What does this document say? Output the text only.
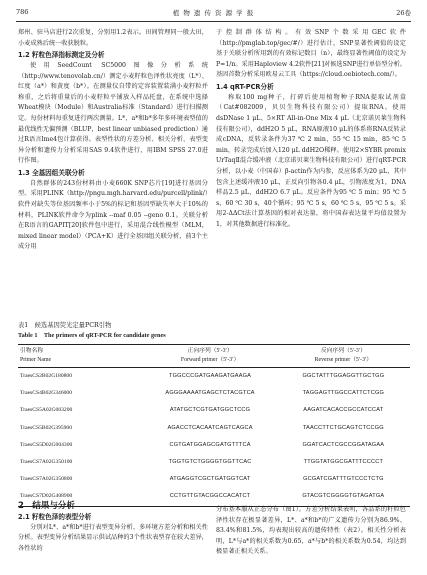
786	植 物 遗 传 资 源 学 报	26卷

郑州、驻马店进行2次重复，分别用1.2表示。田间管理同一般大田，小麦成熟后统一收获脱粒。

1.2 籽粒色泽指标测定及分析

使用SeedCount SC5000图像分析系统（http://www.tenovolab.cn/）测定小麦籽粒色泽性状亮度（L*）、红度（a*）和黄度（b*）。在测量仪自带的定容装置装满小麦籽粒并称重，之后将重量后的小麦籽粒平铺放入样品托盘，在系统中选择Wheat模块（Module）和Australia标准（Standard）进行扫描测定。每份材料每重复进行两次测量。L*、a*和b*多年多环境表型值的最优线性无偏预测（BLUP，best linear unbiased prediction）通过R语言lme4包计算获得。表型性状的方差分析、相关分析、表型变异分析和遗传力分析采用SAS 9.4软件进行，用IBM SPSS 27.0进行作图。

1.3 全基因组关联分析

自然群体的243份材料由小麦660K SNP芯片[19]进行基因分型。采用PLINK（http://pngu.mgh.harvard.edu/purcell/plink/）软件对缺失等位基因频率小于5%的标记和基因型缺失率大于10%的材料，PLINK软件命令为plink --maf 0.05 --geno 0.1。关联分析在R语言的GAPIT[20]软件包中进行，采用混合线性模型（MLM，mixed linear model）（PCA+K）进行全基因组关联分析，前3个主成分用

于控制群体结构。有效SNP个数采用GEC软件（http://pmglab.top/gec/#/）进行估计，SNP显著性阈值的设定基于关联分析所用到的有效标记数目（n），最终显著性阈值的设定为P=1/n。采用Haploview 4.2软件[21]对候选SNP进行单倍型分析。基因首数分析采用欧易云工具（https://cloud.oebiotech.com/）。

1.4 qRT-PCR分析

称取100 mg种子，打碎后使用植物种子RNA提取试剂盒（Cat#082009，贝贝生物科技有限公司）提取RNA。使用dsDNase 1 μL、5×RT All-in-One Mix 4 μL（北京诺贝莱生物科技有限公司），ddH2O 5 μL，RNA原液10 μL的体系将RNA反转录成cDNA，反转录条件为37 ℃ 2 min，55 ℃ 15 min，85 ℃ 5 min，转录完成后加入120 μL ddH2O稀释。使用2×SYBR premix UrTaqⅡ混合缓冲液（北京诺贝莱生物科技有限公司）进行qRT-PCR分析，以小麦（中国春）β-actin作为内参，反应体系为20 μL，其中包含上述缓冲液10 μL，正反向引物各0.4 μL，引物浓度为1，DNA样品2.5 μL，ddH2O 6.7 μL。反应条件为95 ℃ 5 min；95 ℃ 5 s，60 ℃ 30 s，40个循环；95 ℃ 5 s，60 ℃ 5 s，95 ℃ 5 s。采用2-ΔΔCt法计算基因的相对表达量，将中国春表达量平均值设置为1，对其他数据进行标准化。

表1　候选基因荧光定量PCR引物
Table 1　The primers of qRT-PCR for candidate genes
引物名称	正向序列（5′-3′）	反向序列（5′-3′）
Primer Name	Forward primer（5′-3′）	Reverse primer（5′-3′）
TraesCS2B02G180800	TGGCCCGATGAAGATGAAGA	GGCTATTTGGAGGTTGCTGG
TraesCS4B02G346000	AGGGAAAATGAGCTCTACGTCA	TAGGAGTTGGCCATTCTCGG
TraesCS5A02G003200	ATATGCTCGTGATGGCTCCG	AAGATCACACCGCCATCCAT
TraesCS5B02G395900	AGACCTCACAATCAGTCAGCA	TAACCTTCTGCAGTCTCCGG
TraesCS5D02G004300	CGTGATGGAGCGATGTTTCA	GGATCACTCGCCGGATAGAA
TraesCS7A02G350100	TGGTGTCTGGGGTGGTTCAC	TTGGTATGGCGATTTCCCCT
TraesCS7A02G350800	ATGAGGTCGCTGATGGTCAT	GCGATCGATTTGTCCCTCTG
TraesCS7D02G408900	CCTGTTGTACGGCCACATCT	GTACGTCGGGGTGTAGATGA
2　结果与分析
2.1 籽粒色泽的表型分析

分别对L*、a*和b*进行表型变异分析、多环境方差分析和相关性分析。表型变异分析结果显示供试品种的3个性状表型存在较大差异，各性状的

分布基本服从正态分布（图1）。方差分析结果表明，各品系的籽粒色泽性状存在极显著差异，L*、a*和b*的广义遗传力分别为86.9%、83.4%和81.5%，均表现出较高的遗传特性（表2）。相关性分析表明，L*与a*的相关系数为0.65，a*与b*的相关系数为0.54，均达到极显著正相关关系。
